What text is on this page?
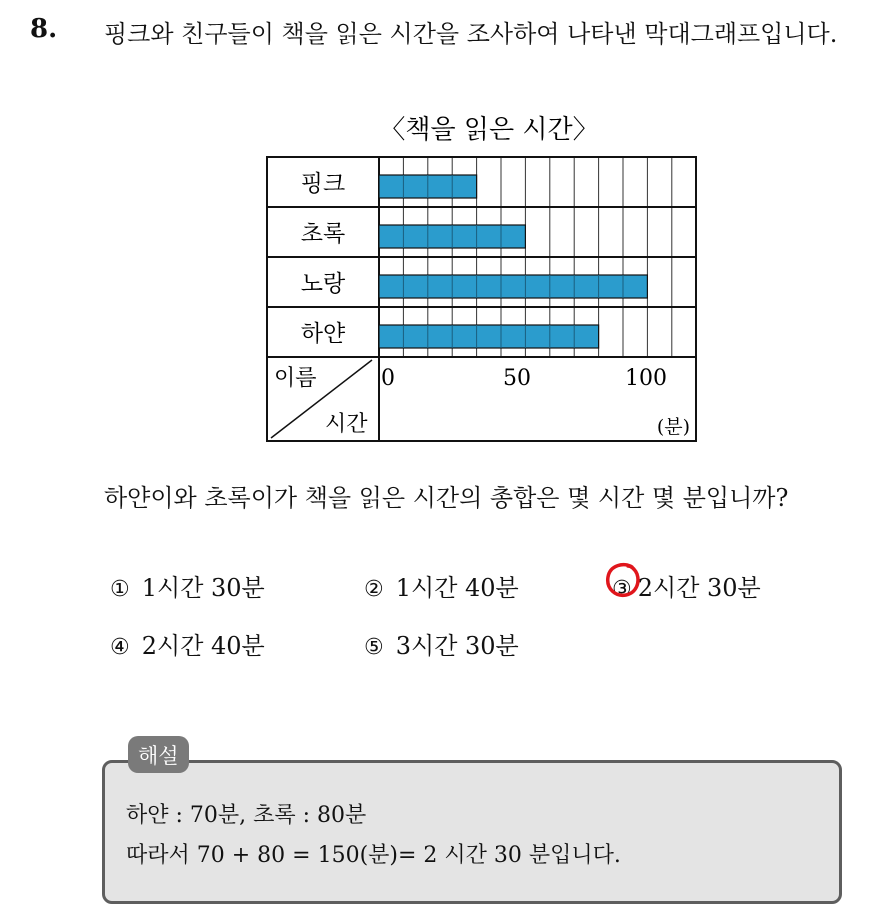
8. 핑크와 친구들이 책을 읽은 시간을 조사하여 나타낸 막대그래프입니다.
〈책을 읽은 시간〉
핑크
초록
노랑
하얀
0	50	100
이름
시간	(분)
하얀이와 초록이가 책을 읽은 시간의 총합은 몇 시간 몇 분입니까?
① 1시간 30분	② 1시간 40분	③ 2시간 30분
④ 2시간 40분	⑤ 3시간 30분
해설
하얀 : 70분, 초록 : 80분
따라서 70 + 80 = 150(분)= 2 시간 30 분입니다.
